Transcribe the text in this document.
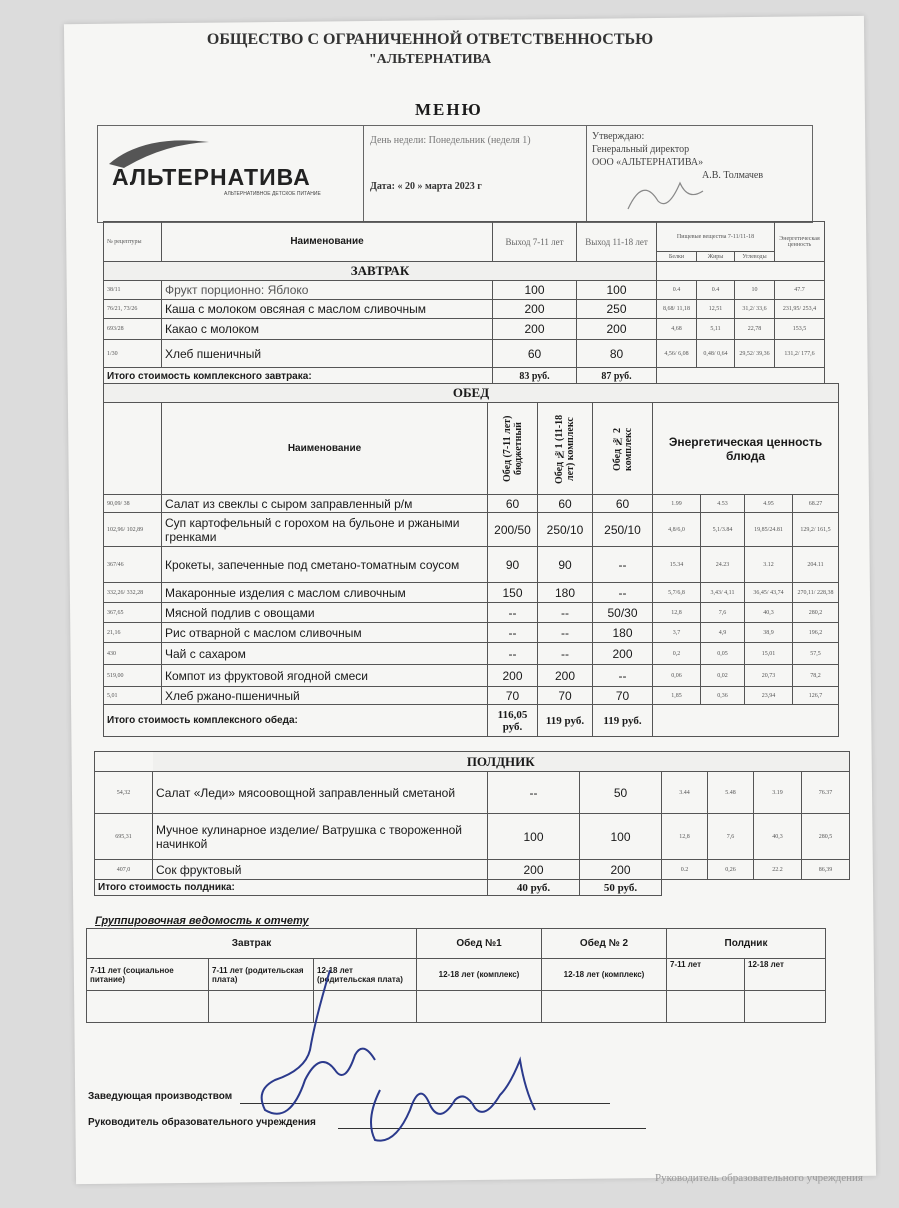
ОБЩЕСТВО С ОГРАНИЧЕННОЙ ОТВЕТСТВЕННОСТЬЮ
"АЛЬТЕРНАТИВА
МЕНЮ
АЛЬТЕРНАТИВА
АЛЬТЕРНАТИВНОЕ ДЕТСКОЕ ПИТАНИЕ
День недели: Понедельник (неделя 1)
Дата: « 20 » марта 2023 г
Утверждаю:
Генеральный директор
ООО «АЛЬТЕРНАТИВА»
А.В. Толмачев
№ рецептуры	Наименование	Выход 7-11 лет	Выход 11-18 лет	Пищевые вещества 7-11/11-18			Энергетическая ценность
				Белки	Жиры	Углеводы	
ЗАВТРАК							
38/11	Фрукт порционно: Яблоко	100	100	0.4	0.4	10	47.7
76/21, 73/26	Каша с молоком овсяная с маслом сливочным	200	250	8,68/ 11,18	12,51	31,2/ 33,6	231,95/ 253,4
693/28	Какао с молоком	200	200	4,68	5,11	22,78	153,5
1/30	Хлеб пшеничный	60	80	4,56/ 6,08	0,48/ 0,64	29,52/ 39,36	131,2/ 177,6
Итого стоимость комплексного завтрака:		83 руб.	87 руб.				
ОБЕД								
	Наименование	Обед (7-11 лет) бюджетный	Обед №1 (11-18 лет) комплекс	Обед № 2 комплекс	Энергетическая ценность блюда			
90,09/ 38	Салат из свеклы с сыром заправленный р/м	60	60	60	1.99	4.53	4.95	68.27
102,96/ 102,89	Суп картофельный с горохом на бульоне и ржаными гренками	200/50	250/10	250/10	4,8/6,0	5,1/3.84	19,85/24.81	129,2/ 161,5
367/46	Крокеты, запеченные под сметано-томатным соусом	90	90	--	15.34	24.23	3.12	204.11
332,26/ 332,28	Макаронные изделия с маслом сливочным	150	180	--	5,7/6,8	3,43/ 4,11	36,45/ 43,74	270,11/ 228,38
367,65	Мясной подлив с овощами	--	--	50/30	12,8	7,6	40,3	280,2
21,16	Рис отварной с маслом сливочным	--	--	180	3,7	4,9	38,9	196,2
430	Чай с сахаром	--	--	200	0,2	0,05	15,01	57,5
519,00	Компот из фруктовой ягодной смеси	200	200	--	0,06	0,02	20,73	78,2
5,01	Хлеб ржано-пшеничный	70	70	70	1,85	0,36	23,94	126,7
Итого стоимость комплексного обеда:		116,05 руб.	119 руб.	119 руб.				
	ПОЛДНИК						
54,32	Салат «Леди» мясоовощной заправленный сметаной	--	50	3.44	5.48	3.19	76.37
695,31	Мучное кулинарное изделие/ Ватрушка с твороженной начинкой	100	100	12,8	7,6	40,3	280,5
407,0	Сок фруктовый	200	200	0.2	0,26	22.2	86,39
Итого стоимость полдника:		40 руб.	50 руб.				
Группировочная ведомость к отчету
Завтрак			Обед №1	Обед № 2	Полдник	
7-11 лет (социальное питание)	7-11 лет (родительская плата)	12-18 лет (родительская плата)	12-18 лет (комплекс)	12-18 лет (комплекс)	7-11 лет	12-18 лет

Заведующая производством
Руководитель образовательного учреждения
Руководитель образовательного учреждения
